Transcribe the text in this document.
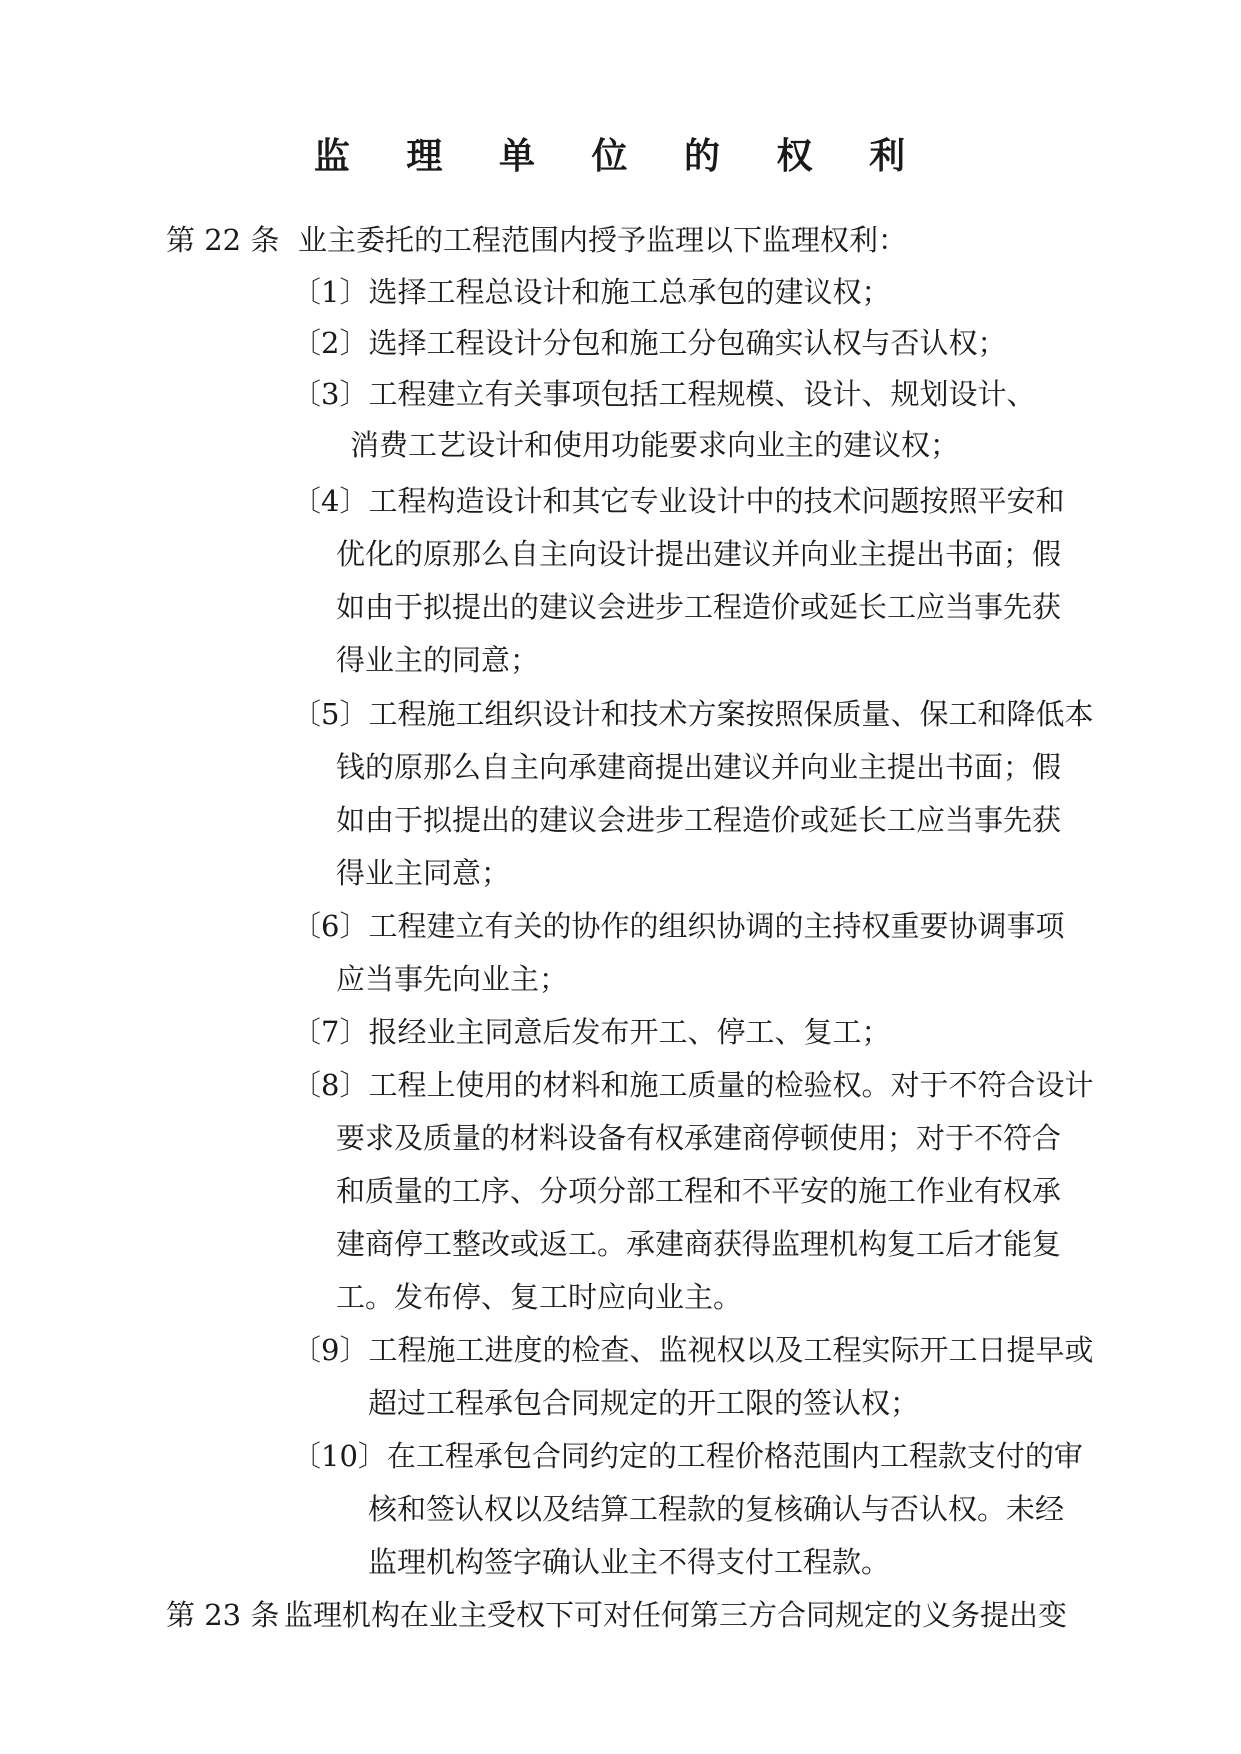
监 理 单 位 的 权 利
第 22 条 业主委托的工程范围内授予监理以下监理权利：
〔1〕选择工程总设计和施工总承包的建议权；
〔2〕选择工程设计分包和施工分包确实认权与否认权；
〔3〕工程建立有关事项包括工程规模、设计、规划设计、
消费工艺设计和使用功能要求向业主的建议权；
〔4〕工程构造设计和其它专业设计中的技术问题按照平安和
优化的原那么自主向设计提出建议并向业主提出书面；假
如由于拟提出的建议会进步工程造价或延长工应当事先获
得业主的同意；
〔5〕工程施工组织设计和技术方案按照保质量、保工和降低本
钱的原那么自主向承建商提出建议并向业主提出书面；假
如由于拟提出的建议会进步工程造价或延长工应当事先获
得业主同意；
〔6〕工程建立有关的协作的组织协调的主持权重要协调事项
应当事先向业主；
〔7〕报经业主同意后发布开工、停工、复工；
〔8〕工程上使用的材料和施工质量的检验权。对于不符合设计
要求及质量的材料设备有权承建商停顿使用；对于不符合
和质量的工序、分项分部工程和不平安的施工作业有权承
建商停工整改或返工。承建商获得监理机构复工后才能复
工。发布停、复工时应向业主。
〔9〕工程施工进度的检查、监视权以及工程实际开工日提早或
超过工程承包合同规定的开工限的签认权；
〔10〕在工程承包合同约定的工程价格范围内工程款支付的审
核和签认权以及结算工程款的复核确认与否认权。未经
监理机构签字确认业主不得支付工程款。
第 23 条 监理机构在业主受权下可对任何第三方合同规定的义务提出变
